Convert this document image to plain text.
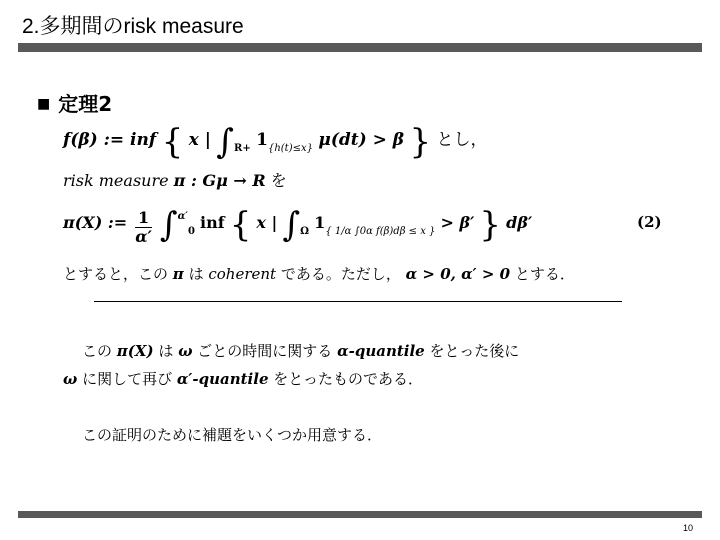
2.多期間のrisk measure
■ 定理2
f(β) := inf { x | $\int_{R+}$ $1_{\{h(t)\le x\}}$ μ(dt) > β } とし，
risk measure π : Gμ → R を
π(X) := $\frac{1}{\alpha'} \int^{\alpha'}_0$ inf { x | $\int_\Omega$ $1_{\{ 1/\alpha \int 0\alpha f(\beta)d\beta \le x \}} > \beta'$ } dβ′	(2)
とすると，この π は coherent である。ただし， α > 0, α′ > 0 とする．
この π(X) は ω ごとの時間に関する α-quantile をとった後に
ω に関して再び α′-quantile をとったものである．
この証明のために補題をいくつか用意する．
10
